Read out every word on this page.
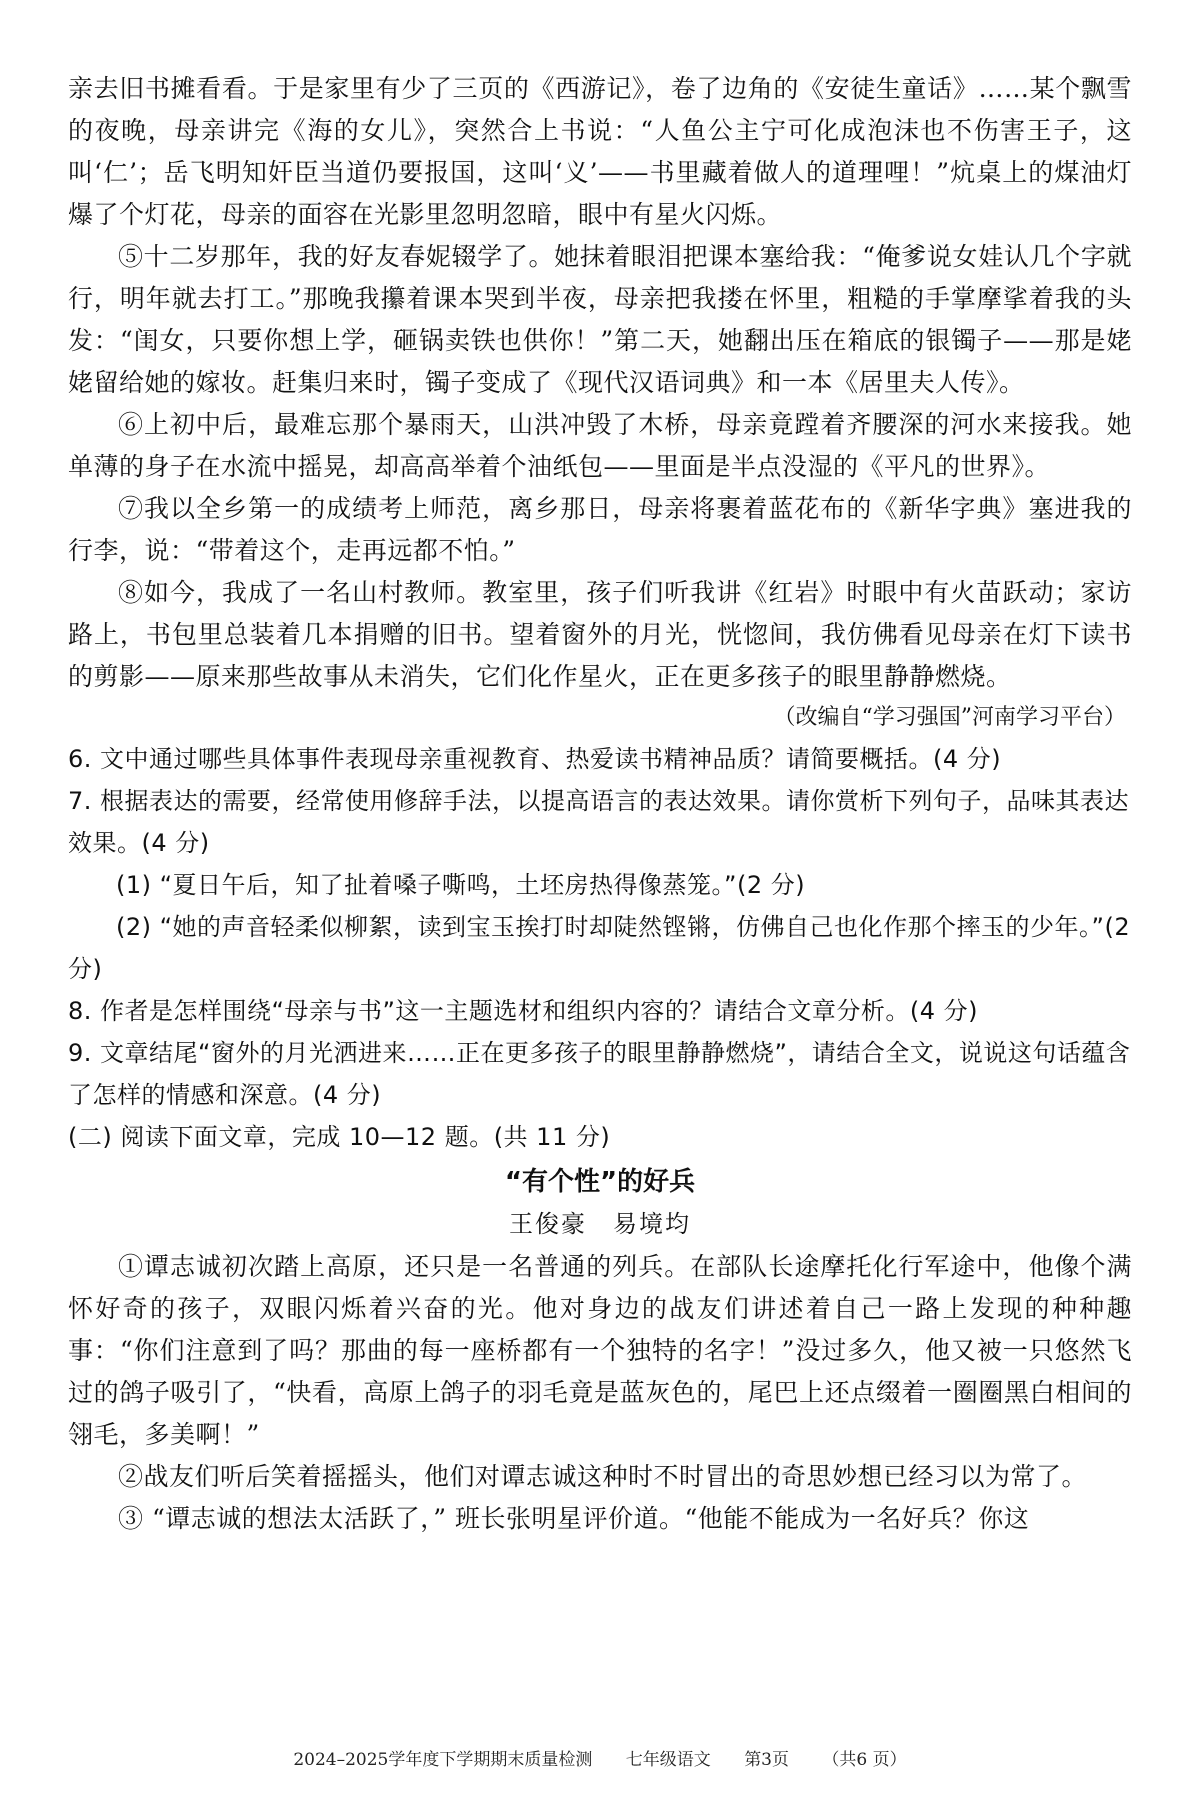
亲去旧书摊看看。于是家里有少了三页的《西游记》，卷了边角的《安徒生童话》……某个飘雪的夜晚，母亲讲完《海的女儿》，突然合上书说：“人鱼公主宁可化成泡沫也不伤害王子，这叫‘仁’；岳飞明知奸臣当道仍要报国，这叫‘义’——书里藏着做人的道理哩！”炕桌上的煤油灯爆了个灯花，母亲的面容在光影里忽明忽暗，眼中有星火闪烁。

⑤十二岁那年，我的好友春妮辍学了。她抹着眼泪把课本塞给我：“俺爹说女娃认几个字就行，明年就去打工。”那晚我攥着课本哭到半夜，母亲把我搂在怀里，粗糙的手掌摩挲着我的头发：“闺女，只要你想上学，砸锅卖铁也供你！”第二天，她翻出压在箱底的银镯子——那是姥姥留给她的嫁妆。赶集归来时，镯子变成了《现代汉语词典》和一本《居里夫人传》。

⑥上初中后，最难忘那个暴雨天，山洪冲毁了木桥，母亲竟蹚着齐腰深的河水来接我。她单薄的身子在水流中摇晃，却高高举着个油纸包——里面是半点没湿的《平凡的世界》。

⑦我以全乡第一的成绩考上师范，离乡那日，母亲将裹着蓝花布的《新华字典》塞进我的行李，说：“带着这个，走再远都不怕。”

⑧如今，我成了一名山村教师。教室里，孩子们听我讲《红岩》时眼中有火苗跃动；家访路上，书包里总装着几本捐赠的旧书。望着窗外的月光，恍惚间，我仿佛看见母亲在灯下读书的剪影——原来那些故事从未消失，它们化作星火，正在更多孩子的眼里静静燃烧。

（改编自“学习强国”河南学习平台）

6. 文中通过哪些具体事件表现母亲重视教育、热爱读书精神品质？请简要概括。(4 分)

7. 根据表达的需要，经常使用修辞手法，以提高语言的表达效果。请你赏析下列句子，品味其表达效果。(4 分)

(1) “夏日午后，知了扯着嗓子嘶鸣，土坯房热得像蒸笼。”(2 分)

(2) “她的声音轻柔似柳絮，读到宝玉挨打时却陡然铿锵，仿佛自己也化作那个摔玉的少年。”(2 分)

8. 作者是怎样围绕“母亲与书”这一主题选材和组织内容的？请结合文章分析。(4 分)

9. 文章结尾“窗外的月光洒进来……正在更多孩子的眼里静静燃烧”，请结合全文，说说这句话蕴含了怎样的情感和深意。(4 分)

(二) 阅读下面文章，完成 10—12 题。(共 11 分)

“有个性”的好兵
王俊豪　易境均

①谭志诚初次踏上高原，还只是一名普通的列兵。在部队长途摩托化行军途中，他像个满怀好奇的孩子，双眼闪烁着兴奋的光。他对身边的战友们讲述着自己一路上发现的种种趣事：“你们注意到了吗？那曲的每一座桥都有一个独特的名字！”没过多久，他又被一只悠然飞过的鸽子吸引了，“快看，高原上鸽子的羽毛竟是蓝灰色的，尾巴上还点缀着一圈圈黑白相间的翎毛，多美啊！”

②战友们听后笑着摇摇头，他们对谭志诚这种时不时冒出的奇思妙想已经习以为常了。

③ “谭志诚的想法太活跃了，” 班长张明星评价道。“他能不能成为一名好兵？你这

2024–2025学年度下学期期末质量检测 七年级语文 第3页 （共6 页）
